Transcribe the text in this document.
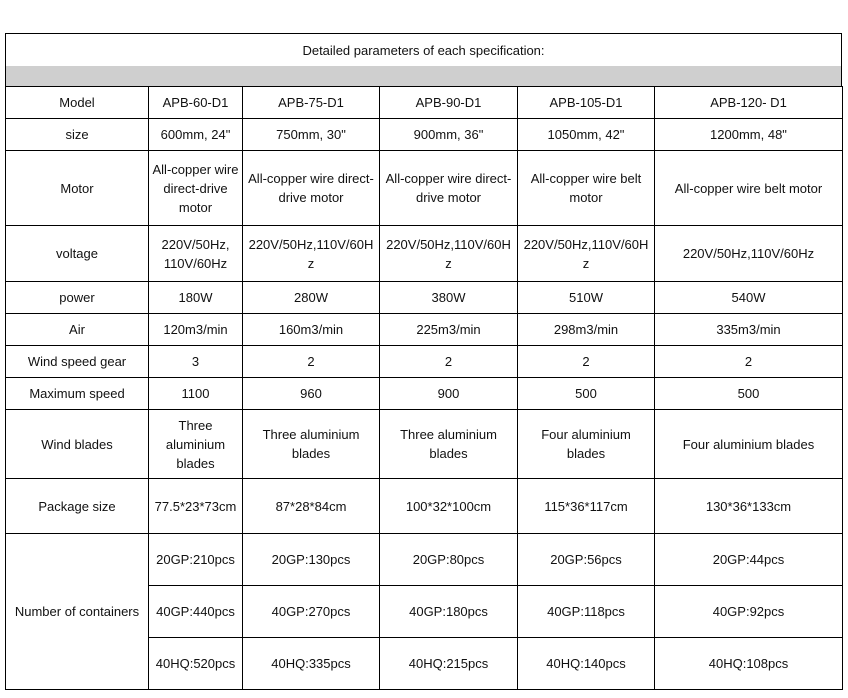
Detailed parameters of each specification:
Model	APB-60-D1	APB-75-D1	APB-90-D1	APB-105-D1	APB-120- D1
size	600mm, 24"	750mm, 30"	900mm, 36"	1050mm, 42"	1200mm, 48"
Motor	All-copper wire direct-drive motor	All-copper wire direct-drive motor	All-copper wire direct-drive motor	All-copper wire belt motor	All-copper wire belt motor
voltage	220V/50Hz, 110V/60Hz	220V/50Hz,110V/60Hz	220V/50Hz,110V/60Hz	220V/50Hz,110V/60Hz	220V/50Hz,110V/60Hz
power	180W	280W	380W	510W	540W
Air	120m3/min	160m3/min	225m3/min	298m3/min	335m3/min
Wind speed gear	3	2	2	2	2
Maximum speed	1100	960	900	500	500
Wind blades	Three aluminium blades	Three aluminium blades	Three aluminium blades	Four aluminium blades	Four aluminium blades
Package size	77.5*23*73cm	87*28*84cm	100*32*100cm	115*36*117cm	130*36*133cm
Number of containers	20GP:210pcs	20GP:130pcs	20GP:80pcs	20GP:56pcs	20GP:44pcs
	40GP:440pcs	40GP:270pcs	40GP:180pcs	40GP:118pcs	40GP:92pcs
	40HQ:520pcs	40HQ:335pcs	40HQ:215pcs	40HQ:140pcs	40HQ:108pcs
